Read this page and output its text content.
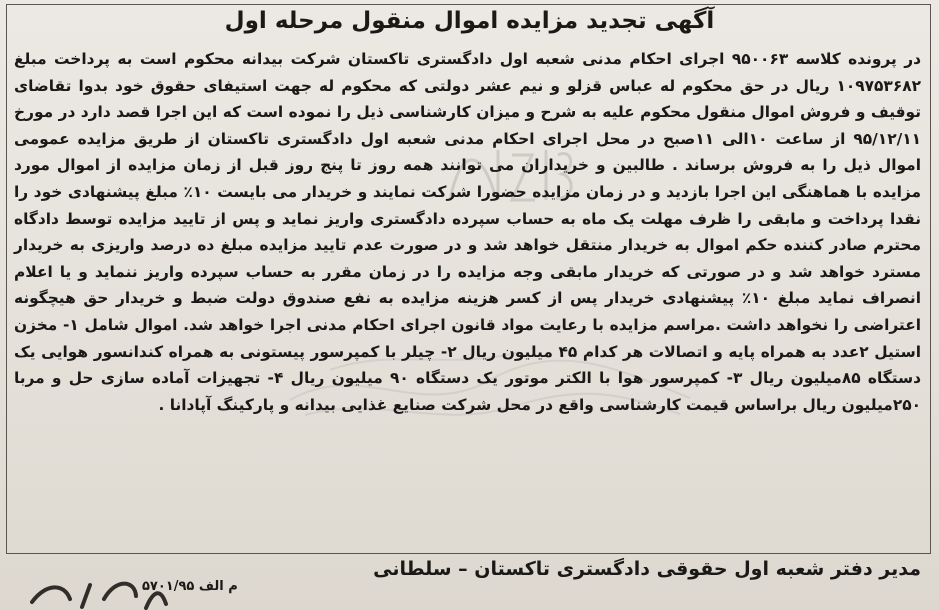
آگهی تجدید مزایده اموال منقول مرحله اول

در پرونده کلاسه ۹۵۰۰۶۳ اجرای احکام مدنی شعبه اول دادگستری تاکستان شرکت بیدانه محکوم است به پرداخت مبلغ ۱۰۹۷۵۳۶۸۲ ریال در حق محکوم له عباس قزلو و نیم عشر دولتی که محکوم له جهت استیفای حقوق خود بدوا تقاضای توقیف و فروش اموال منقول محکوم علیه به شرح و میزان کارشناسی ذیل را نموده است که این اجرا قصد دارد در مورخ ۹۵/۱۲/۱۱ از ساعت ۱۰الی ۱۱صبح در محل اجرای احکام مدنی شعبه اول دادگستری تاکستان از طریق مزایده عمومی اموال ذیل را به فروش برساند . طالبین و خریداران می توانند همه روز تا پنج روز قبل از زمان مزایده از اموال مورد مزایده با هماهنگی این اجرا بازدید و در زمان مزایده حضورا شرکت نمایند و خریدار می بایست ۱۰٪ مبلغ پیشنهادی خود را نقدا پرداخت و مابقی را ظرف مهلت یک ماه به حساب سپرده دادگستری واریز نماید و پس از تایید مزایده توسط دادگاه محترم صادر کننده حکم اموال به خریدار منتقل خواهد شد و در صورت عدم تایید مزایده مبلغ ده درصد واریزی به خریدار مسترد خواهد شد و در صورتی که خریدار مابقی وجه مزایده را در زمان مقرر به حساب سپرده واریز ننماید و یا اعلام انصراف نماید مبلغ ۱۰٪ پیشنهادی خریدار پس از کسر هزینه مزایده به نفع صندوق دولت ضبط و خریدار حق هیچگونه اعتراضی را نخواهد داشت .مراسم مزایده با رعایت مواد قانون اجرای احکام مدنی اجرا خواهد شد. اموال شامل ۱- مخزن استیل ۲عدد به همراه پایه و اتصالات هر کدام ۴۵ میلیون ریال ۲- چیلر با کمپرسور پیستونی به همراه کندانسور هوایی یک دستگاه ۸۵میلیون ریال ۳- کمپرسور هوا با الکتر موتور یک دستگاه ۹۰ میلیون ریال ۴- تجهیزات آماده سازی حل و مربا ۲۵۰میلیون ریال براساس قیمت کارشناسی واقع در محل شرکت صنایع غذایی بیدانه و پارکینگ آپادانا .

مدیر دفتر شعبه اول حقوقی دادگستری تاکستان – سلطانی
م الف ۵۷۰۱/۹۵
